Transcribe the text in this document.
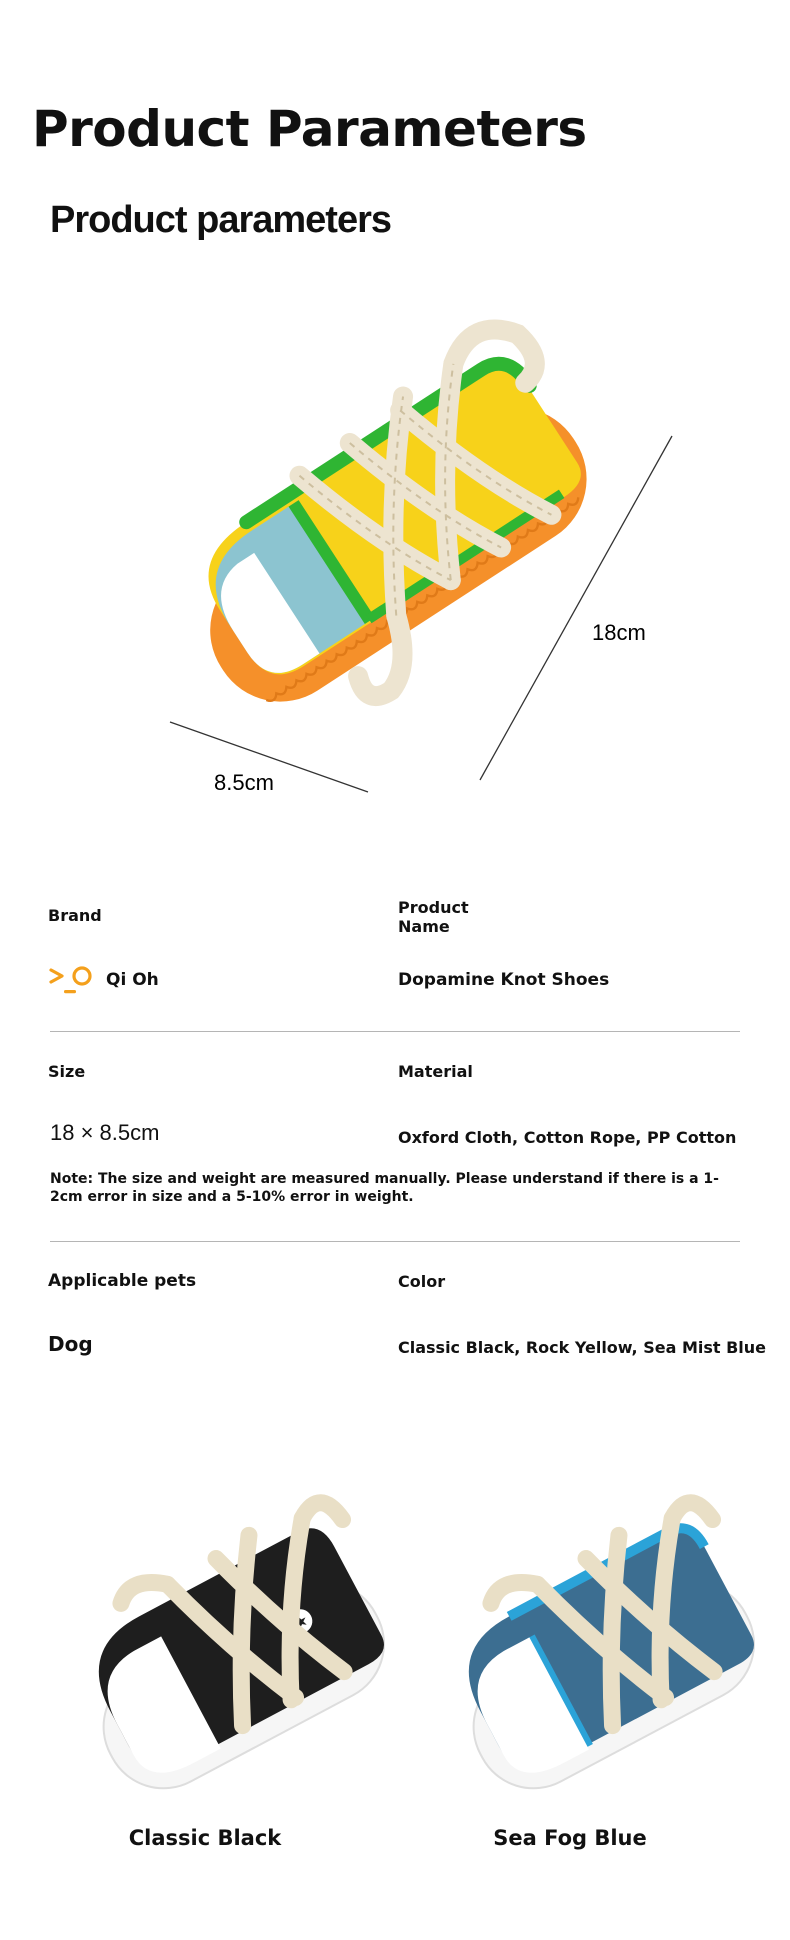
Product Parameters
Product parameters
8.5cm
18cm
Brand	Product
Name
Qi Oh	Dopamine Knot Shoes
Size	Material
18 × 8.5cm	Oxford Cloth, Cotton Rope, PP Cotton
Note: The size and weight are measured manually. Please understand if there is a 1-2cm error in size and a 5-10% error in weight.
Applicable pets	Color
Dog	Classic Black, Rock Yellow, Sea Mist Blue
★
Classic Black	Sea Fog Blue
